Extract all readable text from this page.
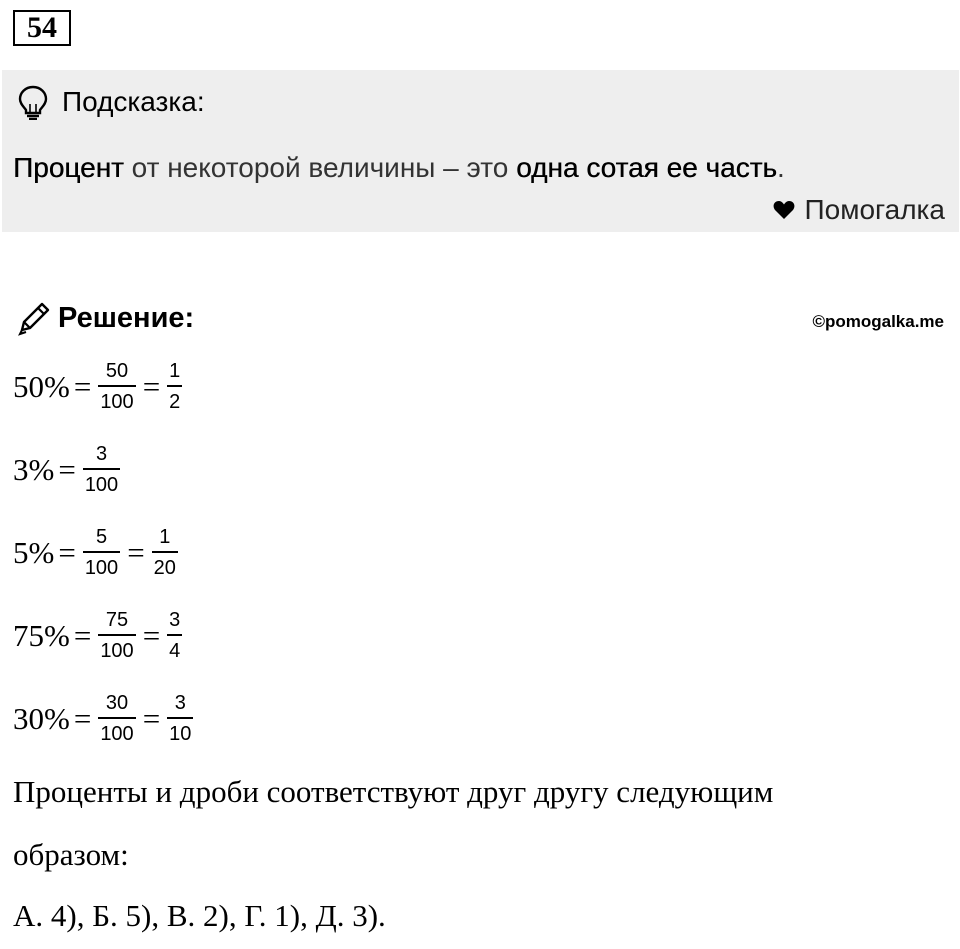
54
Подсказка:
Процент от некоторой величины – это одна сотая ее часть.
Помогалка
Решение:	©pomogalka.me
$50\% = \frac{50}{100} = \frac{1}{2}$
$3\% = \frac{3}{100}$
$5\% = \frac{5}{100} = \frac{1}{20}$
$75\% = \frac{75}{100} = \frac{3}{4}$
$30\% = \frac{30}{100} = \frac{3}{10}$
Проценты и дроби соответствуют друг другу следующим
образом:
А. 4), Б. 5), В. 2), Г. 1), Д. 3).
